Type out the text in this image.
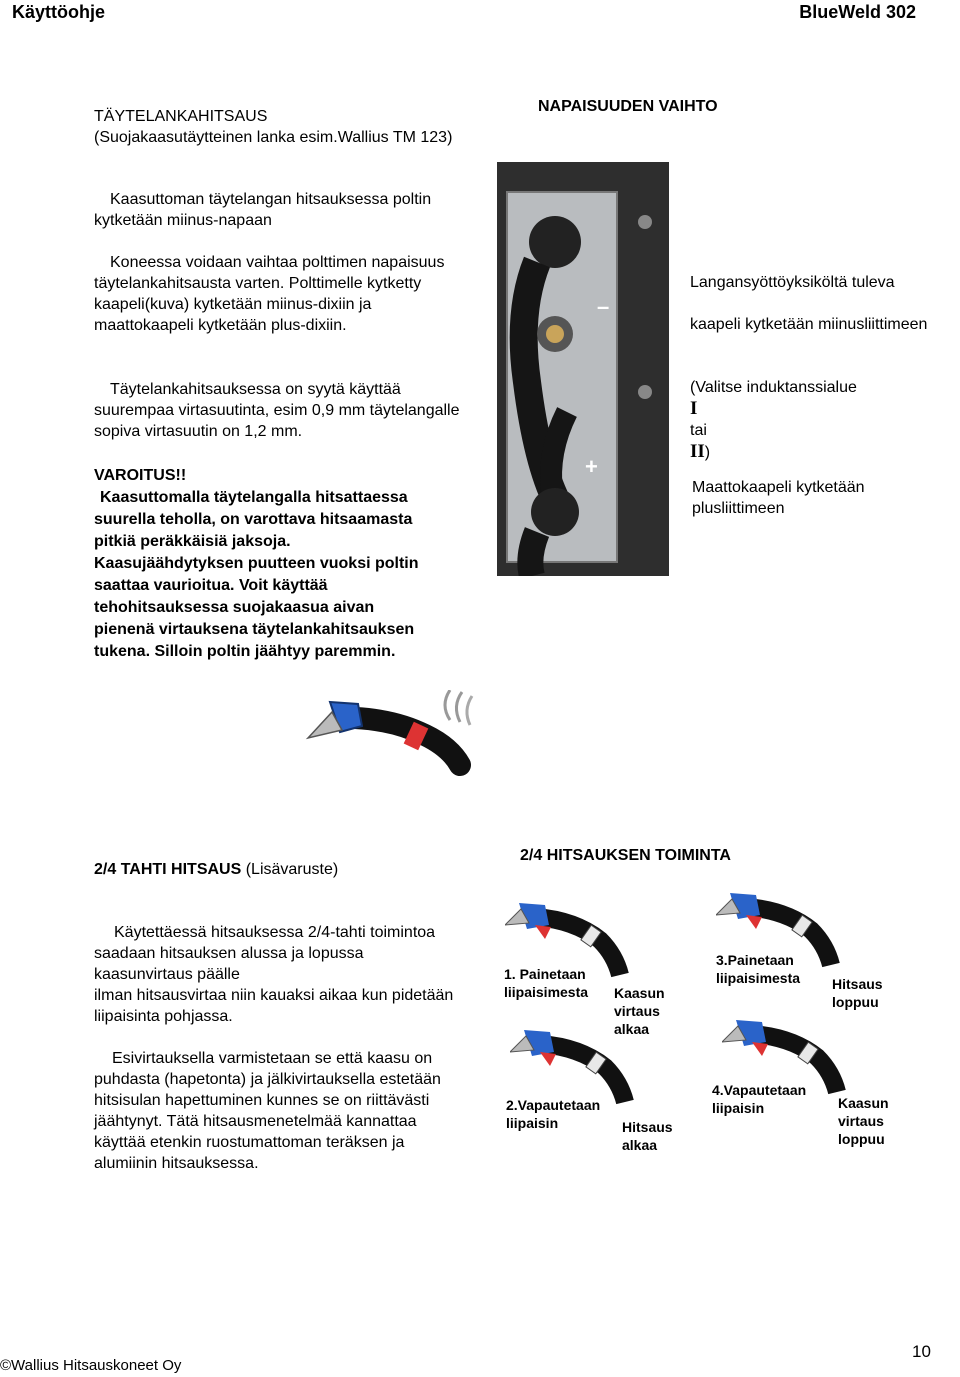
Käyttöohje	BlueWeld 302
TÄYTELANKAHITSAUS
(Suojakaasutäytteinen lanka esim.Wallius TM 123)
Kaasuttoman täytelangan hitsauksessa poltin kytketään miinus-napaan
Koneessa voidaan vaihtaa polttimen napaisuus täytelankahitsausta varten. Polttimelle kytketty kaapeli(kuva) kytketään miinus-dixiin ja maattokaapeli kytketään plus-dixiin.
Täytelankahitsauksessa on syytä käyttää suurempaa virtasuutinta, esim 0,9 mm täytelangalle sopiva virtasuutin on 1,2 mm.
VAROITUS!!
Kaasuttomalla täytelangalla hitsattaessa suurella teholla, on varottava hitsaamasta pitkiä peräkkäisiä jaksoja. Kaasujäähdytyksen puutteen vuoksi poltin saattaa vaurioitua. Voit käyttää tehohitsauksessa suojakaasua aivan pienenä virtauksena täytelankahitsauksen tukena. Silloin poltin jäähtyy paremmin.
NAPAISUUDEN VAIHTO
–
+

Langansyöttöyksiköltä tuleva

kaapeli kytketään miinusliittimeen

(Valitse induktanssialue
I
tai
II)

Maattokaapeli kytketään
plusliittimeen
2/4 TAHTI HITSAUS (Lisävaruste)
Käytettäessä hitsauksessa 2/4-tahti toimintoa saadaan hitsauksen alussa ja lopussa kaasunvirtaus päälle
ilman hitsausvirtaa niin kauaksi aikaa kun pidetään liipaisinta pohjassa.
Esivirtauksella varmistetaan se että kaasu on puhdasta (hapetonta) ja jälkivirtauksella estetään hitsisulan hapettuminen kunnes se on riittävästi jäähtynyt. Tätä hitsausmenetelmää kannattaa käyttää etenkin ruostumattoman teräksen ja alumiinin hitsauksessa.
2/4 HITSAUKSEN TOIMINTA
1. Painetaan
liipaisimesta Kaasun
virtaus
alkaa
2.Vapautetaan
liipaisin	Hitsaus
alkaa
3.Painetaan
liipaisimesta Hitsaus
loppuu
4.Vapautetaan
liipaisin	Kaasun
virtaus
loppuu
©Wallius Hitsauskoneet Oy
10
